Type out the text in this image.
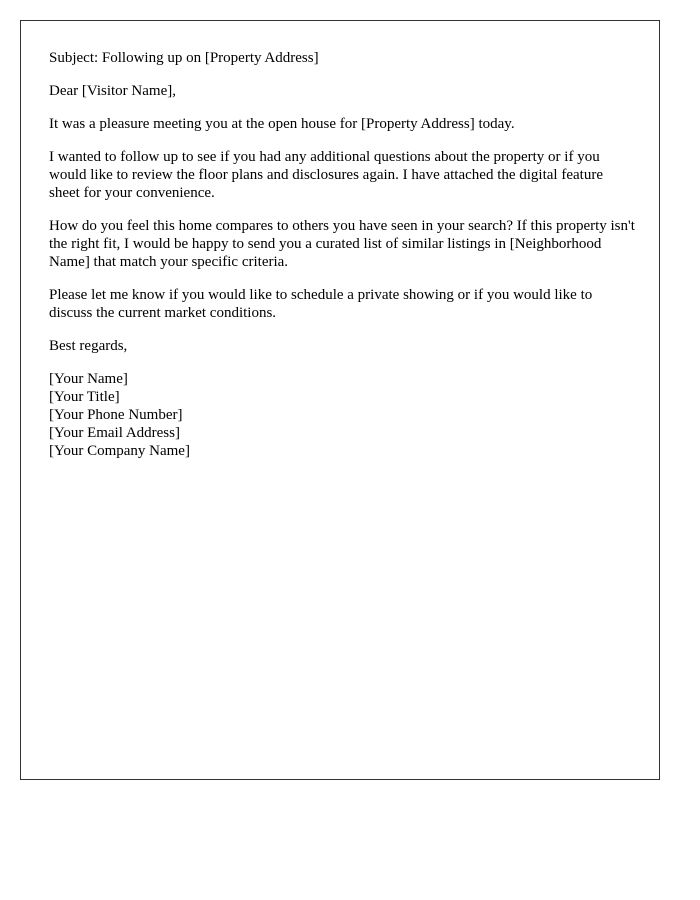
Subject: Following up on [Property Address]

Dear [Visitor Name],

It was a pleasure meeting you at the open house for [Property Address] today.

I wanted to follow up to see if you had any additional questions about the property or if you would like to review the floor plans and disclosures again. I have attached the digital feature sheet for your convenience.

How do you feel this home compares to others you have seen in your search? If this property isn't the right fit, I would be happy to send you a curated list of similar listings in [Neighborhood Name] that match your specific criteria.

Please let me know if you would like to schedule a private showing or if you would like to discuss the current market conditions.

Best regards,

[Your Name]
[Your Title]
[Your Phone Number]
[Your Email Address]
[Your Company Name]
